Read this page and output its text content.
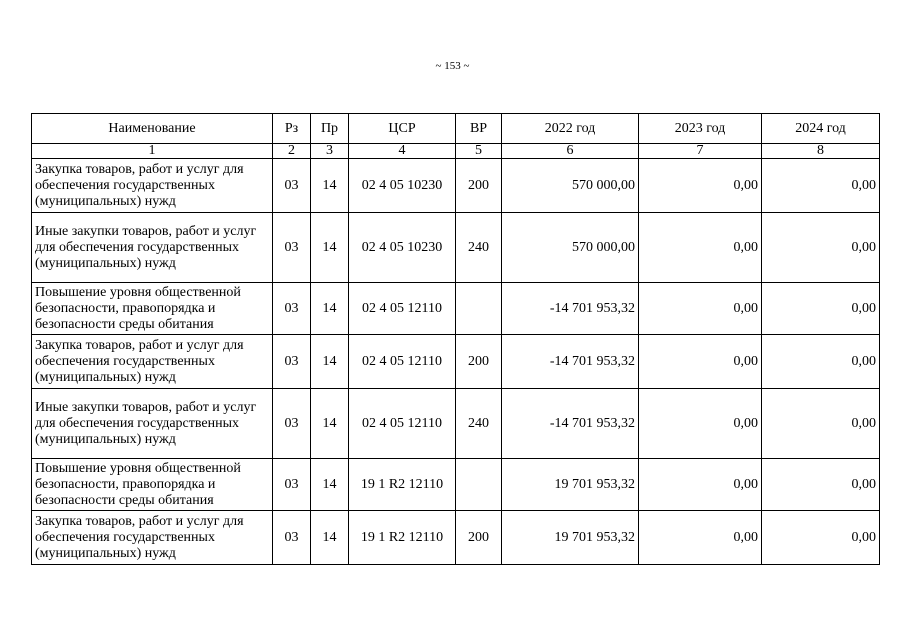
~ 153 ~
Наименование	Рз	Пр	ЦСР	ВР	2022 год	2023 год	2024 год
1	2	3	4	5	6	7	8
Закупка товаров, работ и услуг для обеспечения государственных (муниципальных) нужд	03	14	02 4 05 10230	200	570 000,00	0,00	0,00
Иные закупки товаров, работ и услуг для обеспечения государственных (муниципальных) нужд	03	14	02 4 05 10230	240	570 000,00	0,00	0,00
Повышение уровня общественной безопасности, правопорядка и безопасности среды обитания	03	14	02 4 05 12110		-14 701 953,32	0,00	0,00
Закупка товаров, работ и услуг для обеспечения государственных (муниципальных) нужд	03	14	02 4 05 12110	200	-14 701 953,32	0,00	0,00
Иные закупки товаров, работ и услуг для обеспечения государственных (муниципальных) нужд	03	14	02 4 05 12110	240	-14 701 953,32	0,00	0,00
Повышение уровня общественной безопасности, правопорядка и безопасности среды обитания	03	14	19 1 R2 12110		19 701 953,32	0,00	0,00
Закупка товаров, работ и услуг для обеспечения государственных (муниципальных) нужд	03	14	19 1 R2 12110	200	19 701 953,32	0,00	0,00
